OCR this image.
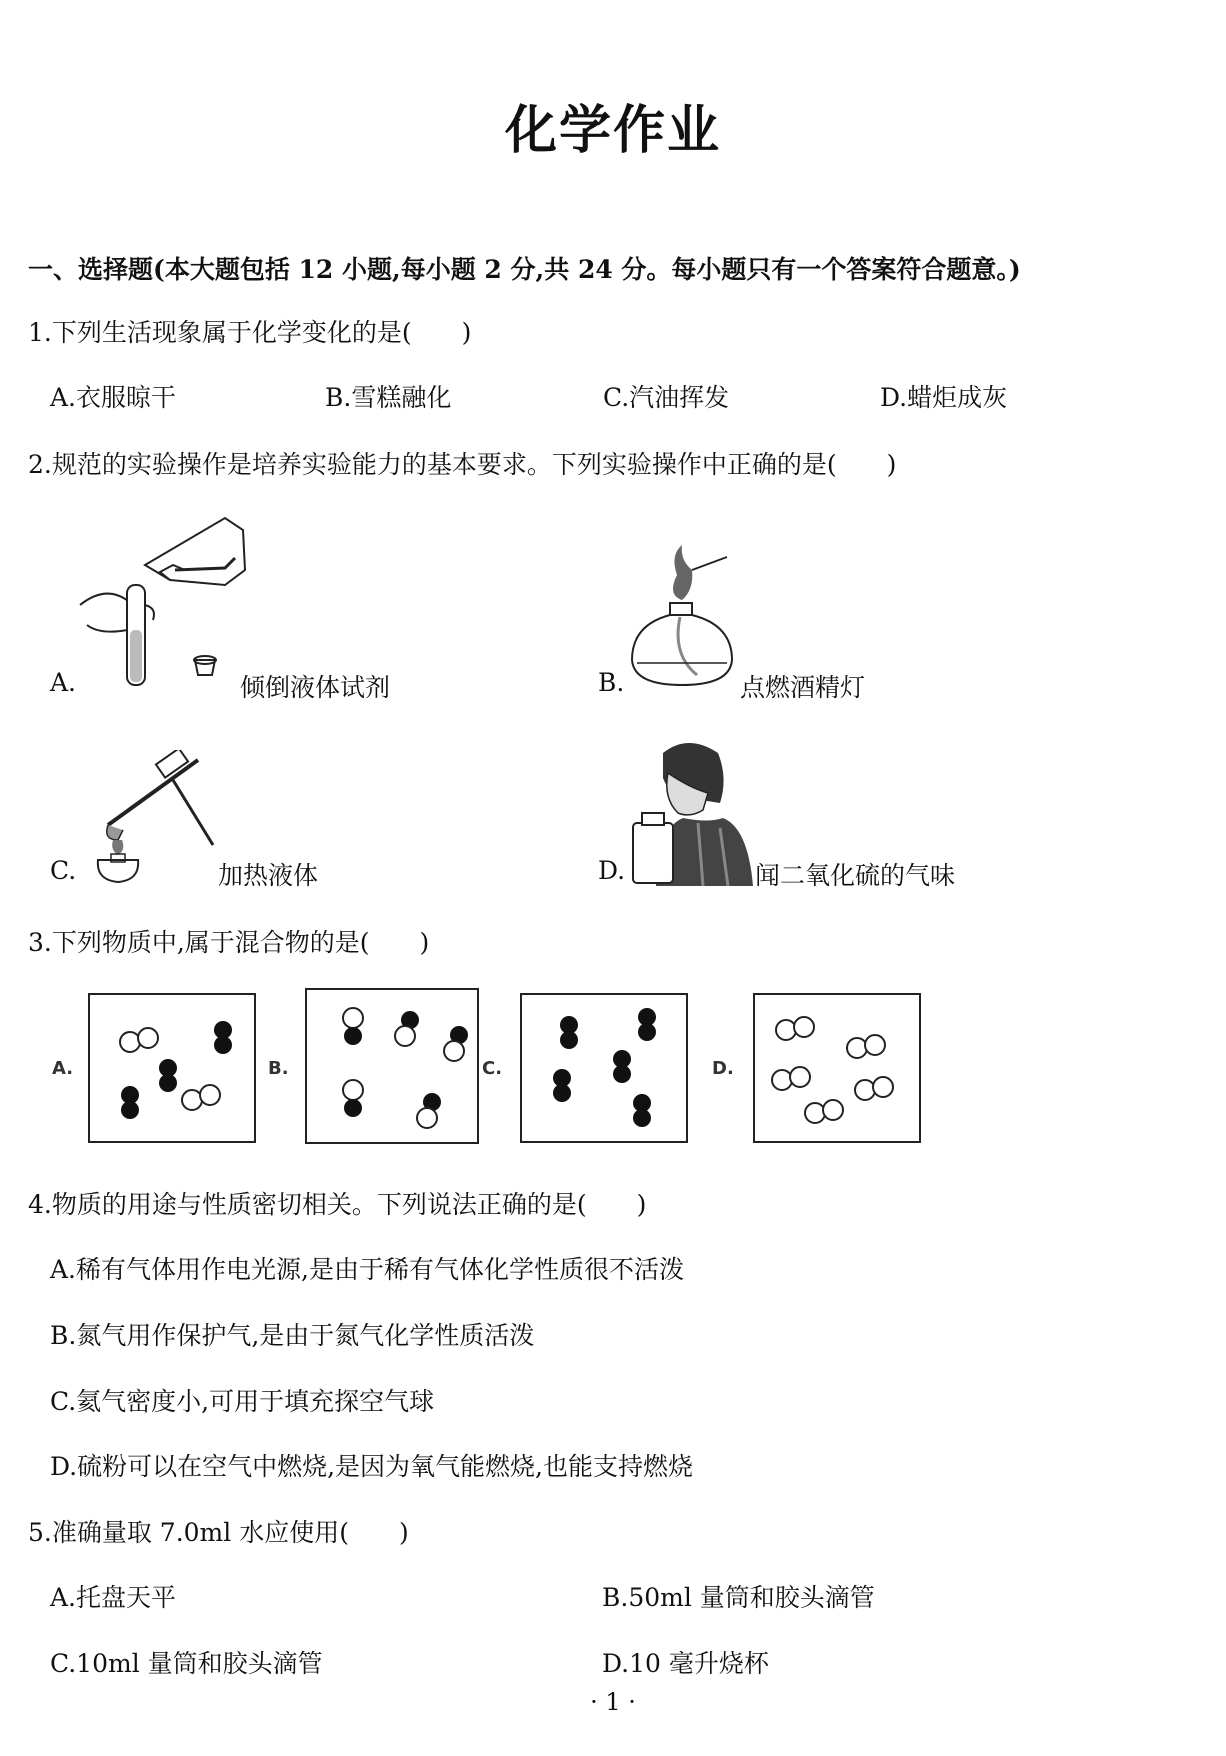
化学作业
一、选择题(本大题包括 12 小题,每小题 2 分,共 24 分。每小题只有一个答案符合题意。)
1.下列生活现象属于化学变化的是(　　)
A.衣服晾干	B.雪糕融化	C.汽油挥发	D.蜡炬成灰
2.规范的实验操作是培养实验能力的基本要求。下列实验操作中正确的是(　　)
A.	倾倒液体试剂	B.	点燃酒精灯
C.	加热液体	D.	闻二氧化硫的气味
3.下列物质中,属于混合物的是(　　)
A.	B.	C.	D.
4.物质的用途与性质密切相关。下列说法正确的是(　　)
A.稀有气体用作电光源,是由于稀有气体化学性质很不活泼
B.氮气用作保护气,是由于氮气化学性质活泼
C.氦气密度小,可用于填充探空气球
D.硫粉可以在空气中燃烧,是因为氧气能燃烧,也能支持燃烧
5.准确量取 7.0ml 水应使用(　　)
A.托盘天平	B.50ml 量筒和胶头滴管
C.10ml 量筒和胶头滴管	D.10 毫升烧杯
· 1 ·
